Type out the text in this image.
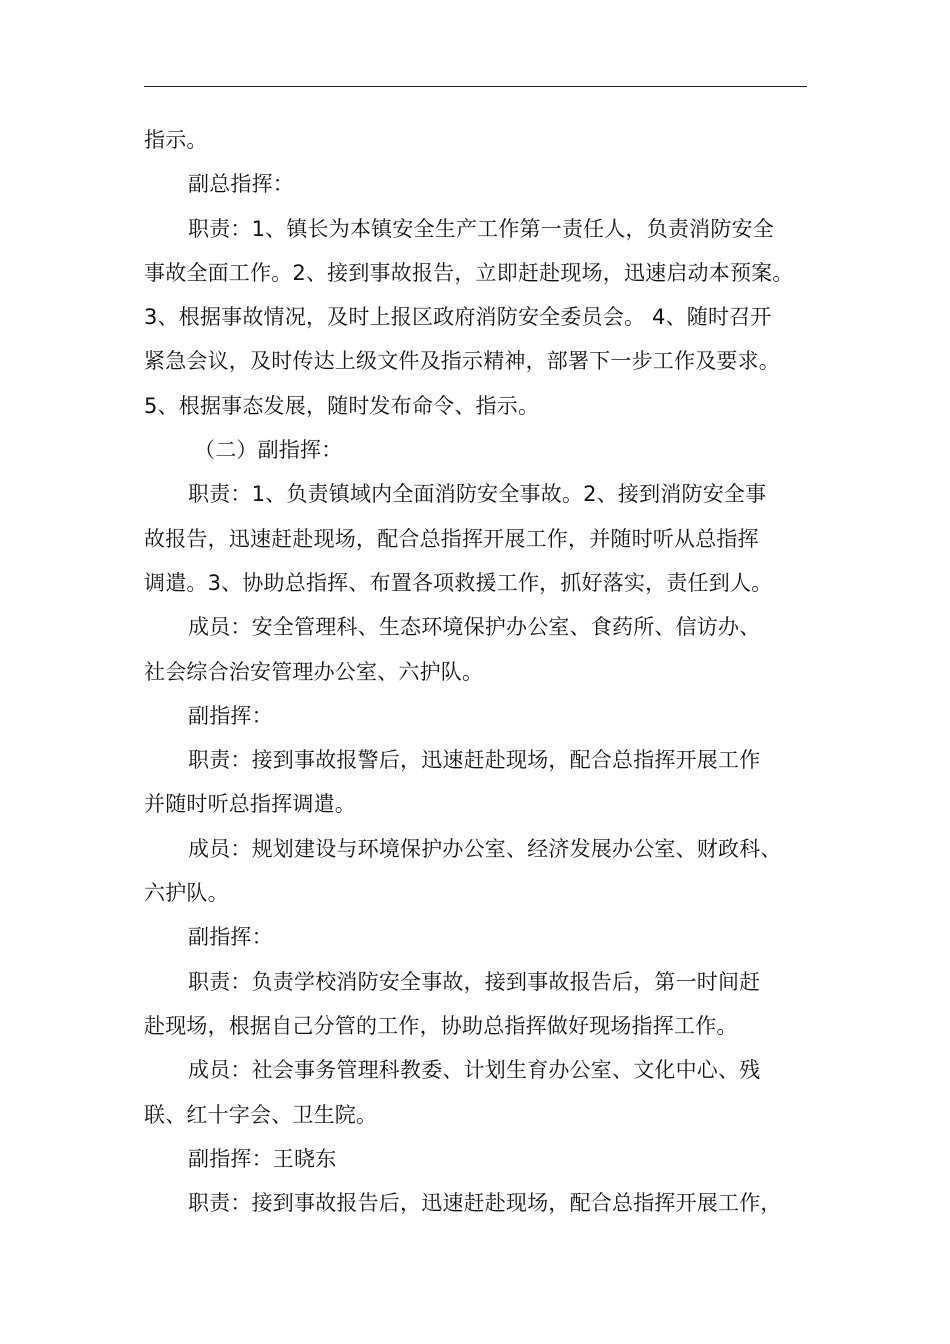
指示。
副总指挥：
职责：1、镇长为本镇安全生产工作第一责任人，负责消防安全
事故全面工作。2、接到事故报告，立即赶赴现场，迅速启动本预案。
3、根据事故情况，及时上报区政府消防安全委员会。 4、随时召开
紧急会议，及时传达上级文件及指示精神，部署下一步工作及要求。
5、根据事态发展，随时发布命令、指示。
（二）副指挥：
职责：1、负责镇域内全面消防安全事故。2、接到消防安全事
故报告，迅速赶赴现场，配合总指挥开展工作，并随时听从总指挥
调遣。3、协助总指挥、布置各项救援工作，抓好落实，责任到人。
成员：安全管理科、生态环境保护办公室、食药所、信访办、
社会综合治安管理办公室、六护队。
副指挥：
职责：接到事故报警后，迅速赶赴现场，配合总指挥开展工作
并随时听总指挥调遣。
成员：规划建设与环境保护办公室、经济发展办公室、财政科、
六护队。
副指挥：
职责：负责学校消防安全事故，接到事故报告后，第一时间赶
赴现场，根据自己分管的工作，协助总指挥做好现场指挥工作。
成员：社会事务管理科教委、计划生育办公室、文化中心、残
联、红十字会、卫生院。
副指挥：王晓东
职责：接到事故报告后，迅速赶赴现场，配合总指挥开展工作，
